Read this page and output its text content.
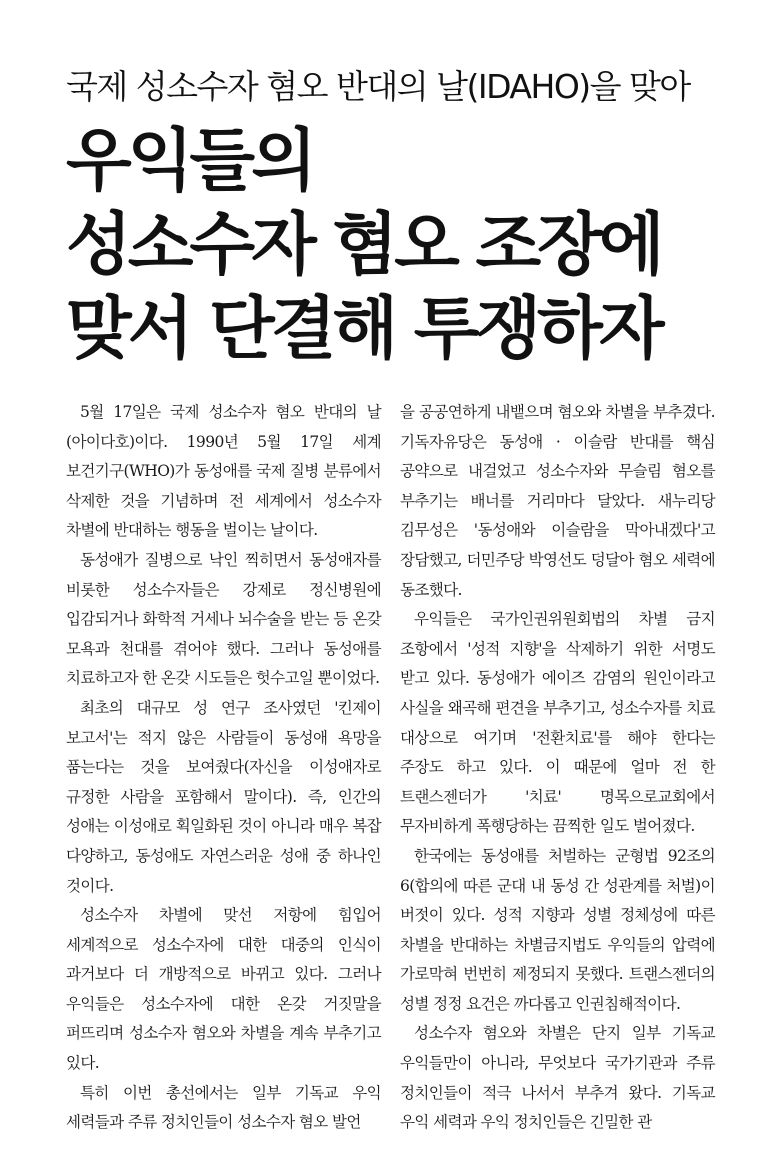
국제 성소수자 혐오 반대의 날(IDAHO)을 맞아
우익들의
성소수자 혐오 조장에
맞서 단결해 투쟁하자

5월 17일은 국제 성소수자 혐오 반대의 날(아이다호)이다. 1990년 5월 17일 세계 보건기구(WHO)가 동성애를 국제 질병 분류에서 삭제한 것을 기념하며 전 세계에서 성소수자 차별에 반대하는 행동을 벌이는 날이다.

동성애가 질병으로 낙인 찍히면서 동성애자를 비롯한 성소수자들은 강제로 정신병원에 입감되거나 화학적 거세나 뇌수술을 받는 등 온갖 모욕과 천대를 겪어야 했다. 그러나 동성애를 치료하고자 한 온갖 시도들은 헛수고일 뿐이었다.

최초의 대규모 성 연구 조사였던 '킨제이 보고서'는 적지 않은 사람들이 동성애 욕망을 품는다는 것을 보여줬다(자신을 이성애자로 규정한 사람을 포함해서 말이다). 즉, 인간의 성애는 이성애로 획일화된 것이 아니라 매우 복잡 다양하고, 동성애도 자연스러운 성애 중 하나인 것이다.

성소수자 차별에 맞선 저항에 힘입어 세계적으로 성소수자에 대한 대중의 인식이 과거보다 더 개방적으로 바뀌고 있다. 그러나 우익들은 성소수자에 대한 온갖 거짓말을 퍼뜨리며 성소수자 혐오와 차별을 계속 부추기고 있다.

특히 이번 총선에서는 일부 기독교 우익 세력들과 주류 정치인들이 성소수자 혐오 발언

을 공공연하게 내뱉으며 혐오와 차별을 부추겼다. 기독자유당은 동성애 · 이슬람 반대를 핵심 공약으로 내걸었고 성소수자와 무슬림 혐오를 부추기는 배너를 거리마다 달았다. 새누리당 김무성은 '동성애와 이슬람을 막아내겠다'고 장담했고, 더민주당 박영선도 덩달아 혐오 세력에 동조했다.

우익들은 국가인권위원회법의 차별 금지 조항에서 '성적 지향'을 삭제하기 위한 서명도 받고 있다. 동성애가 에이즈 감염의 원인이라고 사실을 왜곡해 편견을 부추기고, 성소수자를 치료 대상으로 여기며 '전환치료'를 해야 한다는 주장도 하고 있다. 이 때문에 얼마 전 한 트랜스젠더가 '치료' 명목으로교회에서 무자비하게 폭행당하는 끔찍한 일도 벌어졌다.

한국에는 동성애를 처벌하는 군형법 92조의 6(합의에 따른 군대 내 동성 간 성관계를 처벌)이 버젓이 있다. 성적 지향과 성별 정체성에 따른 차별을 반대하는 차별금지법도 우익들의 압력에 가로막혀 번번히 제정되지 못했다. 트랜스젠더의 성별 정정 요건은 까다롭고 인권침해적이다.

성소수자 혐오와 차별은 단지 일부 기독교 우익들만이 아니라, 무엇보다 국가기관과 주류 정치인들이 적극 나서서 부추겨 왔다. 기독교 우익 세력과 우익 정치인들은 긴밀한 관
